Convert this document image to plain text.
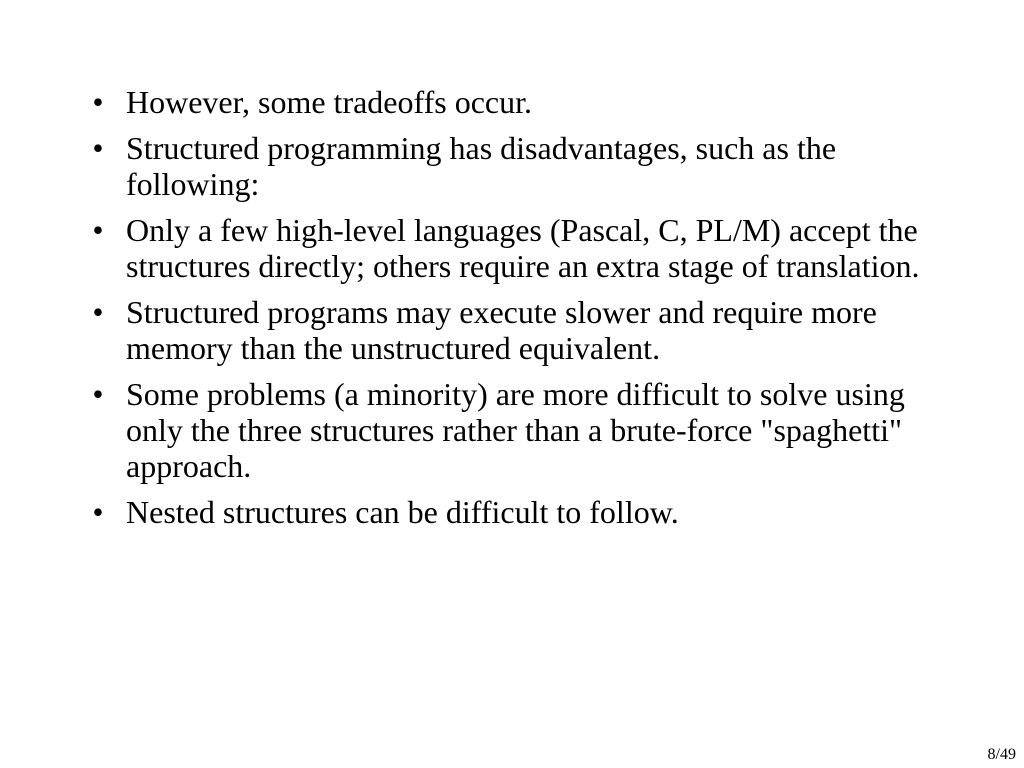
• However, some tradeoffs occur.
• Structured programming has disadvantages, such as the following:
• Only a few high-level languages (Pascal, C, PL/M) accept the structures directly; others require an extra stage of translation.
• Structured programs may execute slower and require more memory than the unstructured equivalent.
• Some problems (a minority) are more difficult to solve using only the three structures rather than a brute-force "spaghetti" approach.
• Nested structures can be difficult to follow.
8/49
